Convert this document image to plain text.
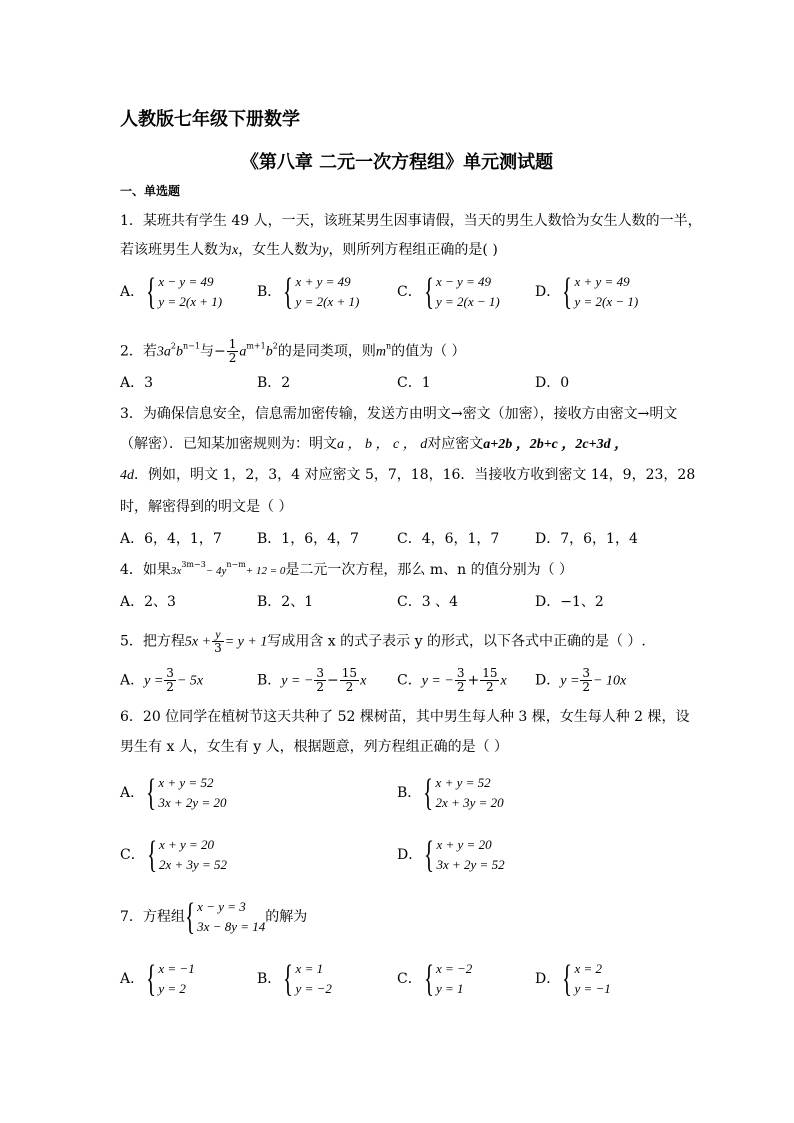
人教版七年级下册数学
《第八章 二元一次方程组》单元测试题
一、单选题
1．某班共有学生 49 人，一天，该班某男生因事请假，当天的男生人数恰为女生人数的一半，
若该班男生人数为x，女生人数为y，则所列方程组正确的是( )
A． { x − y = 49
y = 2(x + 1)
B． { x + y = 49
y = 2(x + 1)
C． { x − y = 49
y = 2(x − 1)
D． { x + y = 49
y = 2(x − 1)
2．若$3a^2b^{n-1}$与− $\frac{1}{2} a^{m+1}b^2$的是同类项，则$m^n$的值为（ ）
A．3	B．2	C．1	D．0
3．为确保信息安全，信息需加密传输，发送方由明文→密文（加密），接收方由密文→明文
（解密）．已知某加密规则为：明文a ， b ， c ， d对应密文a+2b ，2b+c ，2c+3d ，
4d．例如，明文 1，2，3，4 对应密文 5，7，18，16．当接收方收到密文 14，9，23，28
时，解密得到的明文是（ ）
A．6，4，1，7	B．1，6，4，7	C．4，6，1，7	D．7，6，1，4
4．如果$3x^{3m-3}- 4y^{n-m}+ 12 = 0$是二元一次方程，那么 m、n 的值分别为（ ）
A．2、3	B．2、1	C．3 、4	D．−1、2
5．把方程$5x + \frac{y}{3} = y + 1$写成用含 x 的式子表示 y 的形式，以下各式中正确的是（ ）.
A．$y = \frac{3}{2} - 5x$	B．y = − $\frac{3}{2} - \frac{15}{2}$ x C．y = − $\frac{3}{2} + \frac{15}{2}$ x D．$y = \frac{3}{2} - 10x$
6．20 位同学在植树节这天共种了 52 棵树苗，其中男生每人种 3 棵，女生每人种 2 棵，设
男生有 x 人，女生有 y 人，根据题意，列方程组正确的是（ ）
A． { x + y = 52
3x + 2y = 20
B． { x + y = 52
2x + 3y = 20
C． { x + y = 20
2x + 3y = 52
D． { x + y = 20
3x + 2y = 52
7．方程组 { x − y = 3
3x − 8y = 14
的解为
A． { x = −1
y = 2
B． { x = 1
y = −2
C． { x = −2
y = 1
D． { x = 2
y = −1
